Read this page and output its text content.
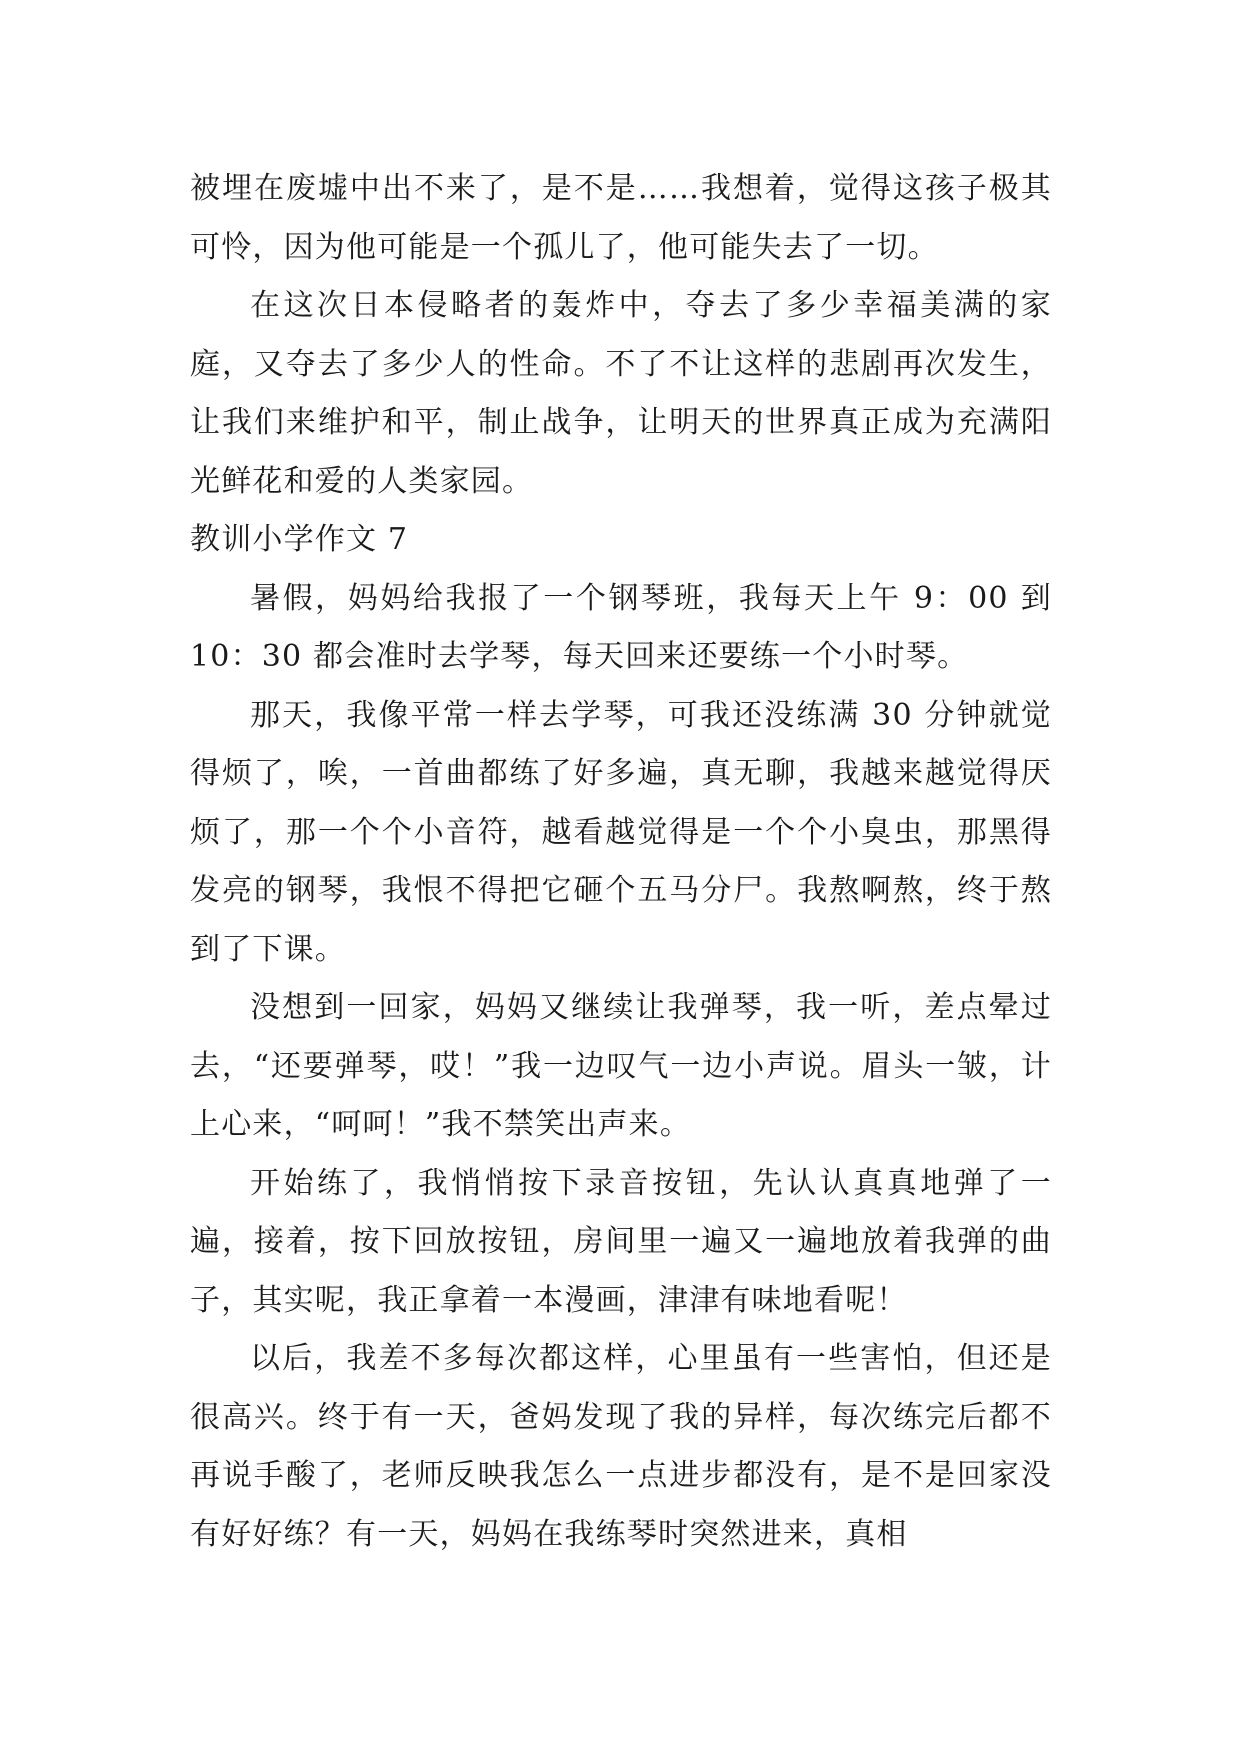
被埋在废墟中出不来了，是不是……我想着，觉得这孩子极其可怜，因为他可能是一个孤儿了，他可能失去了一切。

在这次日本侵略者的轰炸中，夺去了多少幸福美满的家庭，又夺去了多少人的性命。不了不让这样的悲剧再次发生，让我们来维护和平，制止战争，让明天的世界真正成为充满阳光鲜花和爱的人类家园。

教训小学作文 7

暑假，妈妈给我报了一个钢琴班，我每天上午 9：00 到 10：30 都会准时去学琴，每天回来还要练一个小时琴。

那天，我像平常一样去学琴，可我还没练满 30 分钟就觉得烦了，唉，一首曲都练了好多遍，真无聊，我越来越觉得厌烦了，那一个个小音符，越看越觉得是一个个小臭虫，那黑得发亮的钢琴，我恨不得把它砸个五马分尸。我熬啊熬，终于熬到了下课。

没想到一回家，妈妈又继续让我弹琴，我一听，差点晕过去，“还要弹琴，哎！”我一边叹气一边小声说。眉头一皱，计上心来，“呵呵！”我不禁笑出声来。

开始练了，我悄悄按下录音按钮，先认认真真地弹了一遍，接着，按下回放按钮，房间里一遍又一遍地放着我弹的曲子，其实呢，我正拿着一本漫画，津津有味地看呢！

以后，我差不多每次都这样，心里虽有一些害怕，但还是很高兴。终于有一天，爸妈发现了我的异样，每次练完后都不再说手酸了，老师反映我怎么一点进步都没有，是不是回家没有好好练？有一天，妈妈在我练琴时突然进来，真相
